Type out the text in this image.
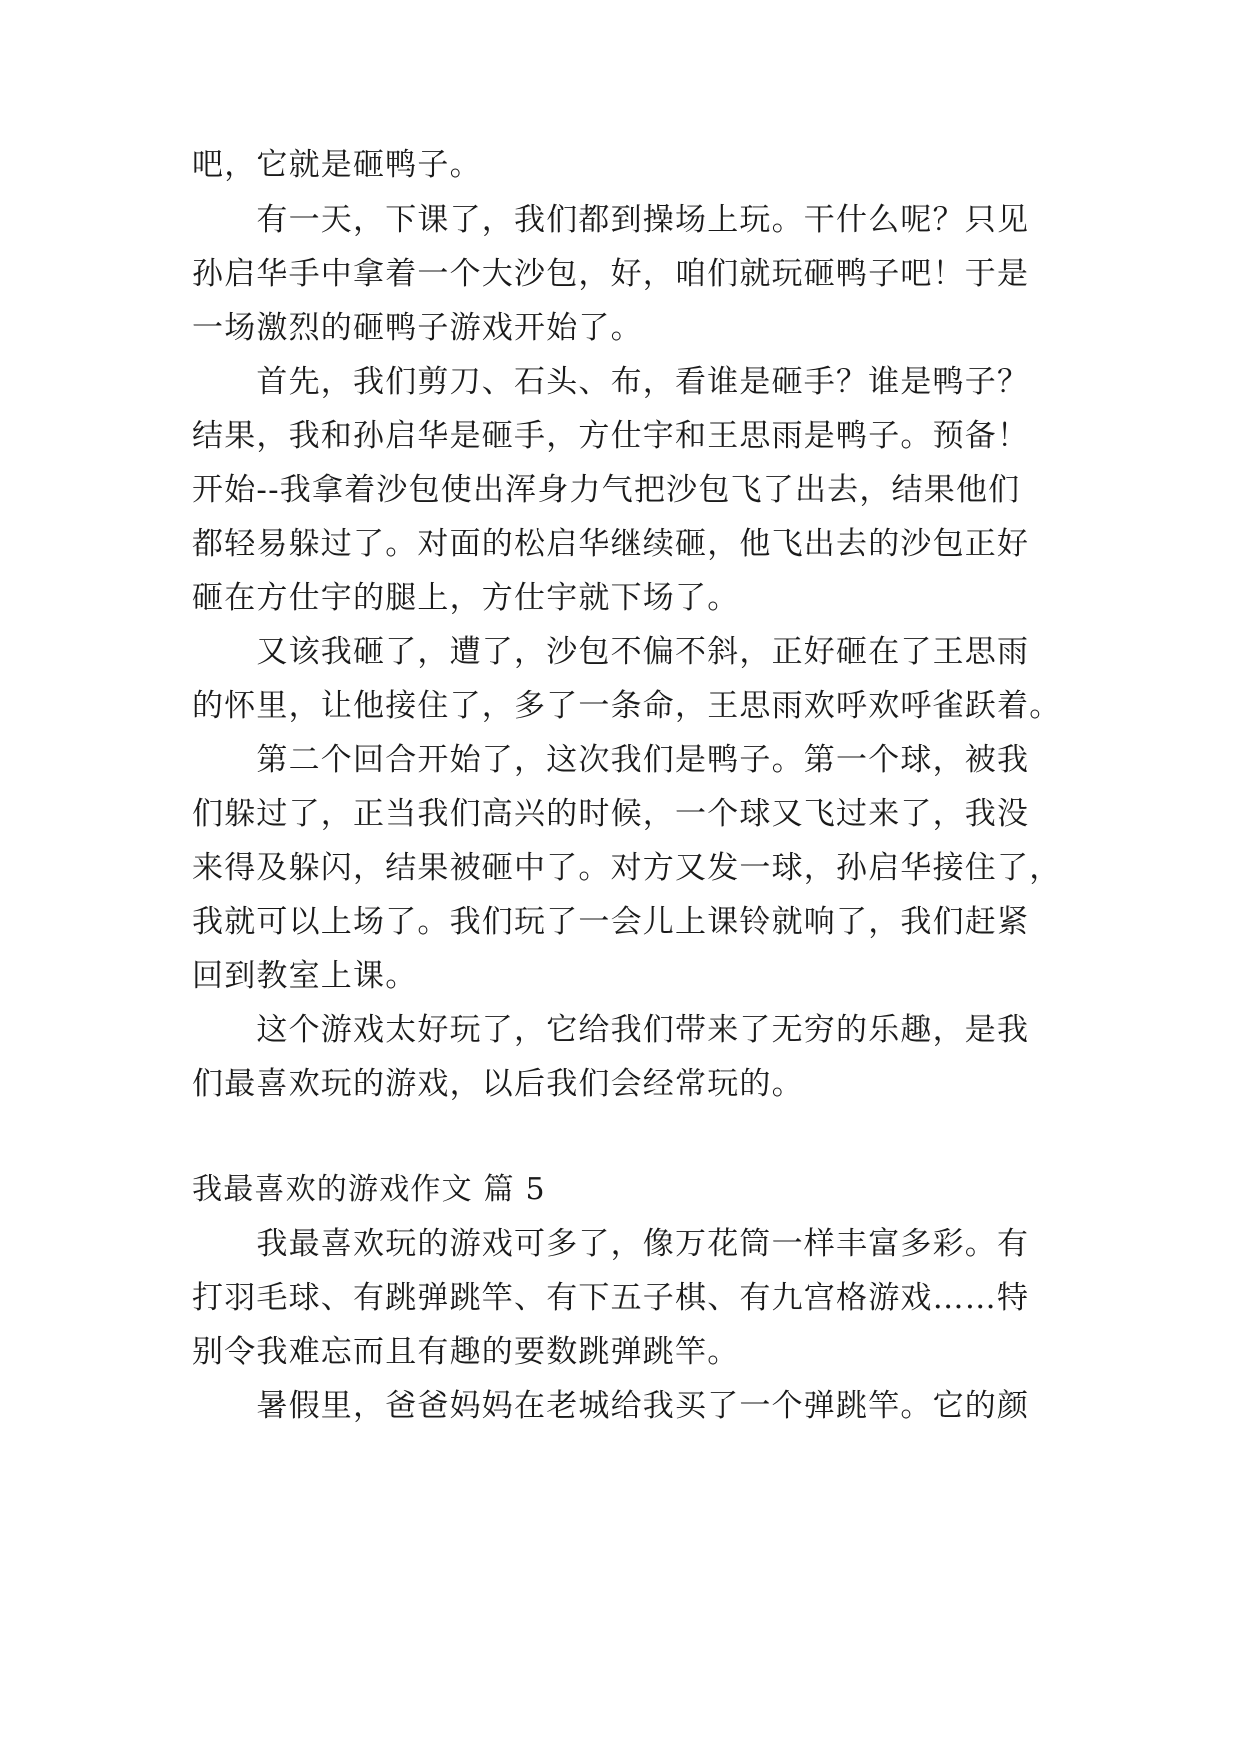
吧，它就是砸鸭子。
　　有一天，下课了，我们都到操场上玩。干什么呢？只见
孙启华手中拿着一个大沙包，好，咱们就玩砸鸭子吧！于是
一场激烈的砸鸭子游戏开始了。
　　首先，我们剪刀、石头、布，看谁是砸手？谁是鸭子？
结果，我和孙启华是砸手，方仕宇和王思雨是鸭子。预备！
开始--我拿着沙包使出浑身力气把沙包飞了出去，结果他们
都轻易躲过了。对面的松启华继续砸，他飞出去的沙包正好
砸在方仕宇的腿上，方仕宇就下场了。
　　又该我砸了，遭了，沙包不偏不斜，正好砸在了王思雨
的怀里，让他接住了，多了一条命，王思雨欢呼欢呼雀跃着。
　　第二个回合开始了，这次我们是鸭子。第一个球，被我
们躲过了，正当我们高兴的时候，一个球又飞过来了，我没
来得及躲闪，结果被砸中了。对方又发一球，孙启华接住了，
我就可以上场了。我们玩了一会儿上课铃就响了，我们赶紧
回到教室上课。
　　这个游戏太好玩了，它给我们带来了无穷的乐趣，是我
们最喜欢玩的游戏，以后我们会经常玩的。
我最喜欢的游戏作文 篇 5
　　我最喜欢玩的游戏可多了，像万花筒一样丰富多彩。有
打羽毛球、有跳弹跳竿、有下五子棋、有九宫格游戏……特
别令我难忘而且有趣的要数跳弹跳竿。
　　暑假里，爸爸妈妈在老城给我买了一个弹跳竿。它的颜
